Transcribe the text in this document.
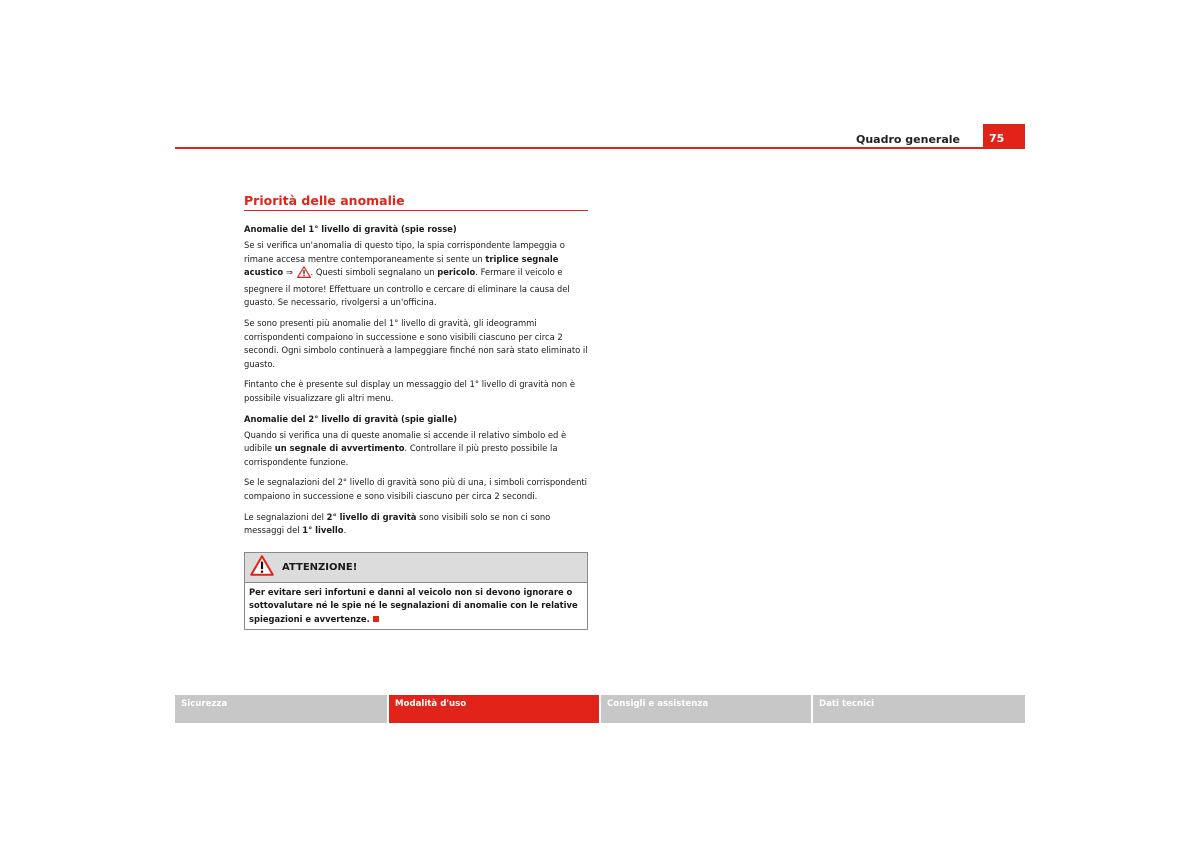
Quadro generale	75
Priorità delle anomalie
Anomalie del 1° livello di gravità (spie rosse)

Se si verifica un'anomalia di questo tipo, la spia corrispondente lampeggia o rimane accesa mentre contemporaneamente si sente un triplice segnale acustico ⇒ . Questi simboli segnalano un pericolo. Fermare il veicolo e spegnere il motore! Effettuare un controllo e cercare di eliminare la causa del guasto. Se necessario, rivolgersi a un'officina.

Se sono presenti più anomalie del 1° livello di gravità, gli ideogrammi corrispondenti compaiono in successione e sono visibili ciascuno per circa 2 secondi. Ogni simbolo continuerà a lampeggiare finché non sarà stato eliminato il guasto.

Fintanto che è presente sul display un messaggio del 1° livello di gravità non è possibile visualizzare gli altri menu.

Anomalie del 2° livello di gravità (spie gialle)

Quando si verifica una di queste anomalie si accende il relativo simbolo ed è udibile un segnale di avvertimento. Controllare il più presto possibile la corrispondente funzione.

Se le segnalazioni del 2° livello di gravità sono più di una, i simboli corrispondenti compaiono in successione e sono visibili ciascuno per circa 2 secondi.

Le segnalazioni del 2° livello di gravità sono visibili solo se non ci sono messaggi del 1° livello.

ATTENZIONE!
Per evitare seri infortuni e danni al veicolo non si devono ignorare o sottovalutare né le spie né le segnalazioni di anomalie con le relative spiegazioni e avvertenze.
Sicurezza	Modalità d'uso	Consigli e assistenza	Dati tecnici
